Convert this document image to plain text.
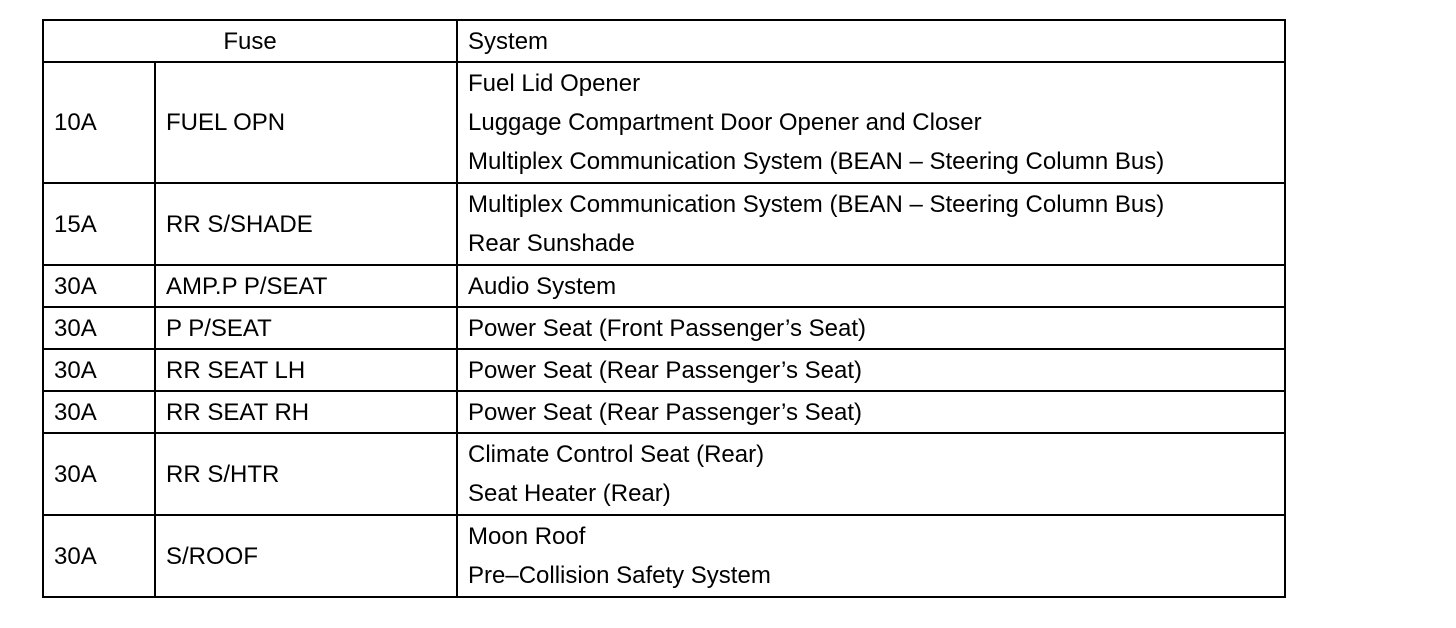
Fuse		System
10A	FUEL OPN	Fuel Lid Opener
Luggage Compartment Door Opener and Closer
Multiplex Communication System (BEAN – Steering Column Bus)

15A	RR S/SHADE	Multiplex Communication System (BEAN – Steering Column Bus)
Rear Sunshade

30A	AMP.P P/SEAT	Audio System

30A	P P/SEAT	Power Seat (Front Passenger’s Seat)

30A	RR SEAT LH	Power Seat (Rear Passenger’s Seat)

30A	RR SEAT RH	Power Seat (Rear Passenger’s Seat)

30A	RR S/HTR	Climate Control Seat (Rear)
Seat Heater (Rear)

30A	S/ROOF	Moon Roof
Pre–Collision Safety System
